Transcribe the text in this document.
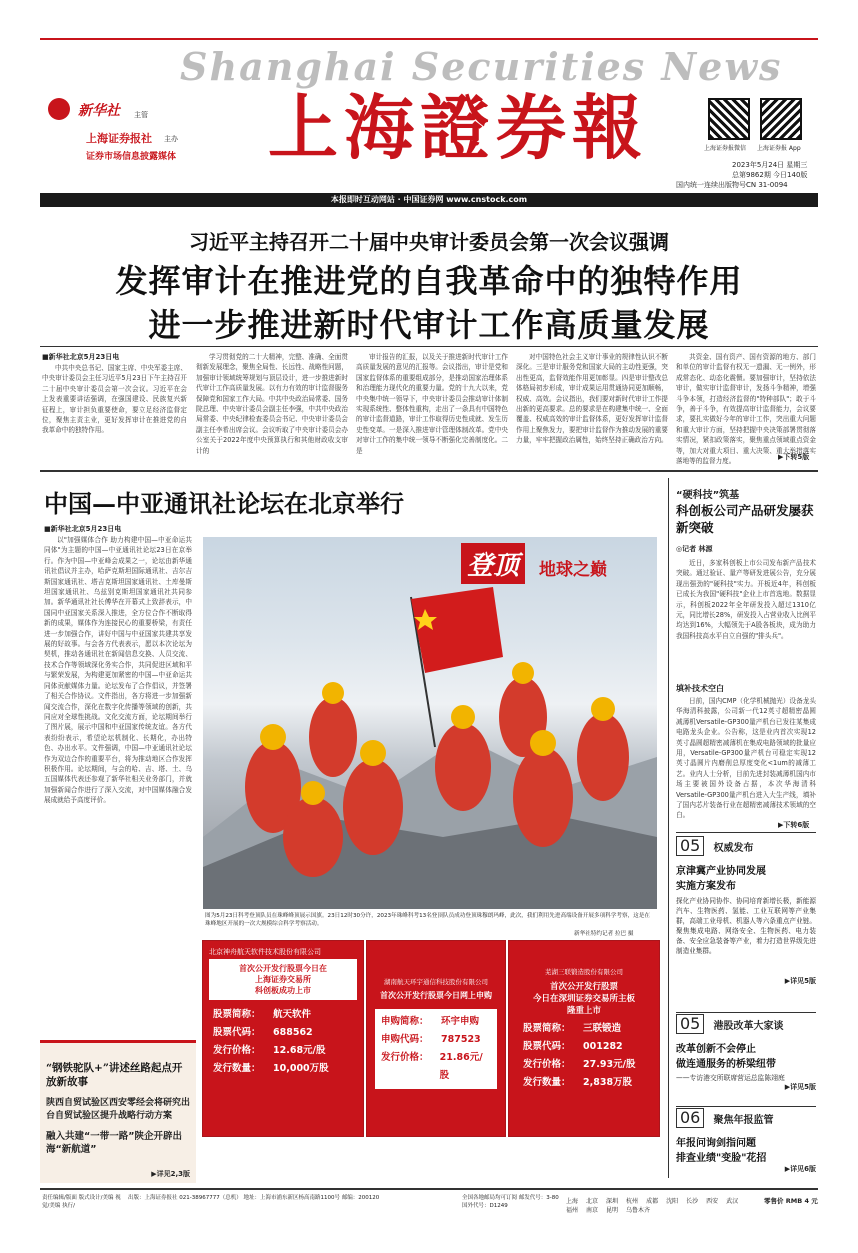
Shanghai Securities News
新华社 主管
上海证券报社 主办
证券市场信息披露媒体 上海證券報	上海证券报微信 上海证券报 App
2023年5月24日 星期三
总第9862期 今日140版
国内统一连续出版物号CN 31-0094
本报即时互动网站 · 中国证券网 www.cnstock.com
习近平主持召开二十届中央审计委员会第一次会议强调
发挥审计在推进党的自我革命中的独特作用
进一步推进新时代审计工作高质量发展
■新华社北京5月23日电
中共中央总书记、国家主席、中央军委主席、中央审计委员会主任习近平5月23日下午主持召开二十届中央审计委员会第一次会议。习近平在会上发表重要讲话强调，在强国建设、民族复兴新征程上，审计担负重要使命，要立足经济监督定位，聚焦主责主业，更好发挥审计在推进党的自我革命中的独特作用。
学习贯彻党的二十大精神，完整、准确、全面贯彻新发展理念，聚焦全局性、长远性、战略性问题，加强审计领域统筹规划与顶层设计，进一步推进新时代审计工作高质量发展。以有力有效的审计监督服务保障党和国家工作大局。中共中央政治局常委、国务院总理、中央审计委员会副主任李强，中共中央政治局常委、中央纪律检查委员会书记、中央审计委员会副主任李希出席会议。会议听取了中央审计委员会办公室关于2022年度中央预算执行和其他财政收支审计的
审计报告的汇报，以及关于推进新时代审计工作高质量发展的意见的汇报等。会议指出，审计是党和国家监督体系的重要组成部分，是推动国家治理体系和治理能力现代化的重要力量。党的十九大以来，党中央集中统一领导下，中央审计委员会推动审计体制实现系统性、整体性重构，走出了一条具有中国特色的审计监督道路，审计工作取得历史性成就、发生历史性变革。一是深入推进审计管理体制改革。党中央对审计工作的集中统一领导不断强化完善制度化。二是
对中国特色社会主义审计事业的规律性认识不断深化。三是审计服务党和国家大局的主动性更强，突出性更高，监督效能作用更加彰显。四是审计整改总体格局初步形成，审计成果运用贯通协同更加顺畅，权威、高效。会议指出，我们要对新时代审计工作提出新的更高要求。总的要求是在构建集中统一、全面覆盖、权威高效的审计监督体系，更好发挥审计监督作用上聚焦发力，要把审计监督作为推动发展的重要力量，牢牢把握政治属性，始终坚持正确政治方向。
共资金、国有资产、国有资源的地方、部门和单位的审计监督有权无一遗漏、无一例外，形成常态化、动态化震慑。要加强审计，坚持依法审计，做实审计监督审计，发扬斗争精神，增强斗争本领，打造经济监督的"特种部队"；敢于斗争，善于斗争，有效提高审计监督能力，会议要求，要扎实做好今年的审计工作，突出重大问题和重大审计方面，坚持把握中央决策部署贯彻落实情况，紧扣政策落实，聚焦重点领域重点资金等，加大对重大项目、重大决策、重大举措落实落地等的监督力度。
▶下转5版
中国—中亚通讯社论坛在北京举行
■新华社北京5月23日电
以"加强媒体合作 助力构建中国—中亚命运共同体"为主题的中国—中亚通讯社论坛23日在京举行。作为中国—中亚峰会成果之一，论坛由新华通讯社倡议并主办，哈萨克斯坦国际通讯社、吉尔吉斯国家通讯社、塔吉克斯坦国家通讯社、土库曼斯坦国家通讯社、乌兹别克斯坦国家通讯社共同参加。新华通讯社社长傅华在开幕式上致辞表示，中国同中亚国家关系深入推进，全方位合作不断取得新的成果，媒体作为连接民心的重要桥梁，有责任进一步加强合作，讲好中国与中亚国家共建共享发展的好故事。与会各方代表表示，愿以本次论坛为契机，推动各通讯社在新闻信息交换、人员交流、技术合作等领域深化务实合作，共同促进区域和平与繁荣发展，为构建更加紧密的中国—中亚命运共同体贡献媒体力量。论坛发布了合作倡议，并签署了相关合作协议。文件指出，各方将进一步加强新闻交流合作，深化在数字化传播等领域的创新，共同应对全球性挑战。文化交流方面，论坛期间举行了图片展，展示中国和中亚国家传统友谊。各方代表纷纷表示，希望论坛机制化、长期化，办出特色、办出水平。文件强调，中国—中亚通讯社论坛作为双边合作的重要平台，将为推动地区合作发挥积极作用。论坛期间，与会的哈、吉、塔、土、乌五国媒体代表还参观了新华社相关业务部门，并就加强新闻合作进行了深入交流，对中国媒体融合发展成就给予高度评价。
登顶	地球之巅
图为5月23日科考登顶队员在珠峰峰顶展示国旗。23日12时30分许，2023年珠峰科考13名登顶队员成功登顶珠穆朗玛峰，此次，我们利用先进高端设备开展多项科学考察，这是在珠峰地区开展的一次大规模综合科学考察活动。
新华社特约记者 拉巴 摄
北京神舟航天软件技术股份有限公司
首次公开发行股票今日在
上海证券交易所
科创板成功上市
股票简称：	航天软件
股票代码：	688562
发行价格：	12.68元/股
发行数量：	10,000万股
湖南航天环宇通信科技股份有限公司
首次公开发行股票今日网上申购
申购简称：	环宇申购
申购代码：	787523
发行价格：	21.86元/股
芜湖三联锻造股份有限公司
首次公开发行股票
今日在深圳证券交易所主板
隆重上市
股票简称：	三联锻造
股票代码：	001282
发行价格：	27.93元/股
发行数量：	2,838万股
“钢铁驼队+”讲述丝路起点开放新故事
陕西自贸试验区西安零经会将研究出台自贸试验区提升战略行动方案
融入共建“一带一路”陕企开辟出海“新航道”
▶详见2,3版
“硬科技”筑基
科创板公司产品研发屡获新突破
◎记者 林源
近日，多家科创板上市公司发布新产品技术突破。通过验证、量产等研发进展公告，充分展现出强劲的"硬科技"实力。开板近4年，科创板已成长为我国"硬科技"企业上市首选地。数据显示，科创板2022年全年研发投入超过1310亿元，同比增长28%，研发投入占营业收入比例平均达到16%，大幅领先于A股各板块，成为助力我国科技高水平自立自强的"排头兵"。
填补技术空白
日前，国内CMP（化学机械抛光）设备龙头华海清科披露，公司新一代12英寸超精密晶圆减薄机Versatile-GP300量产机台已发往某集成电路龙头企业。公告称，这是业内首次实现12英寸晶圆超精密减薄机在集成电路领域的批量应用，Versatile-GP300量产机台可稳定实现12英寸晶圆片内磨削总厚度变化<1um的减薄工艺。业内人士分析，目前先进封装减薄机国内市场主要被国外设备占据，本次华海清科Versatile-GP300量产机台进入大生产线，填补了国内芯片装备行业在超精密减薄技术领域的空白。
▶下转6版
05 权威发布
京津冀产业协同发展
实施方案发布
探化产业协同协作、协同培育新增长极，新能源汽车、生物医药、氢能、工业互联网等产业集群，高端工业母机、机器人等六条重点产业链。聚焦集成电路、网络安全、生物医药、电力装备、安全应急装备等产业，着力打造世界级先进制造业集群。
▶详见5版
05 港股改革大家谈
改革创新不会停止
做连通服务的桥梁纽带
——专访港交所联席营运总监陈翊庭
▶详见5版
06 聚焦年报监管
年报问询剑指问题
排查业绩"变脸"花招
▶详见6版
责任编辑/版面 版式设计/美编 视觉/美编 执行/
出版：上海证券报社 021-38967777（总机） 地址：上海市浦东新区杨高南路1100号 邮编：200120	全国各地邮局均可订阅 邮发代号：3-80 国外代号：D1249
上海 北京 深圳 杭州 成都 沈阳 长沙 西安 武汉福州 南京 昆明 乌鲁木齐
零售价 RMB 4 元
